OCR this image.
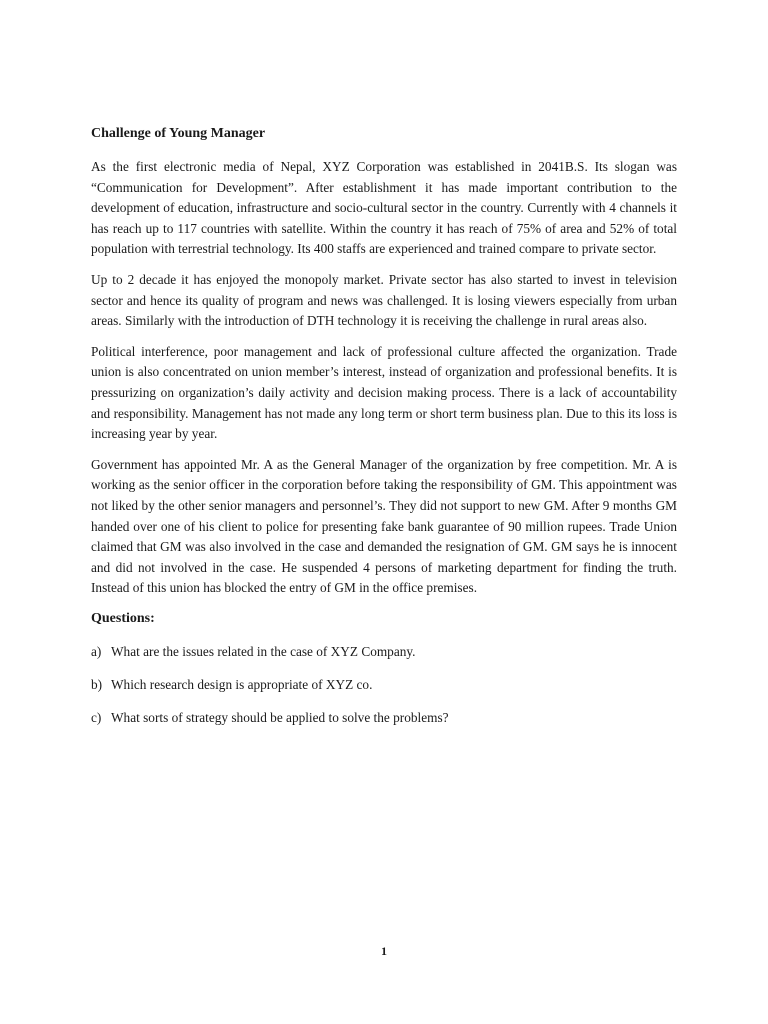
Challenge of Young Manager

As the first electronic media of Nepal, XYZ Corporation was established in 2041B.S. Its slogan was “Communication for Development”. After establishment it has made important contribution to the development of education, infrastructure and socio-cultural sector in the country. Currently with 4 channels it has reach up to 117 countries with satellite. Within the country it has reach of 75% of area and 52% of total population with terrestrial technology. Its 400 staffs are experienced and trained compare to private sector.

Up to 2 decade it has enjoyed the monopoly market. Private sector has also started to invest in television sector and hence its quality of program and news was challenged. It is losing viewers especially from urban areas. Similarly with the introduction of DTH technology it is receiving the challenge in rural areas also.

Political interference, poor management and lack of professional culture affected the organization. Trade union is also concentrated on union member’s interest, instead of organization and professional benefits. It is pressurizing on organization’s daily activity and decision making process. There is a lack of accountability and responsibility. Management has not made any long term or short term business plan. Due to this its loss is increasing year by year.

Government has appointed Mr. A as the General Manager of the organization by free competition. Mr. A is working as the senior officer in the corporation before taking the responsibility of GM. This appointment was not liked by the other senior managers and personnel’s. They did not support to new GM. After 9 months GM handed over one of his client to police for presenting fake bank guarantee of 90 million rupees. Trade Union claimed that GM was also involved in the case and demanded the resignation of GM. GM says he is innocent and did not involved in the case. He suspended 4 persons of marketing department for finding the truth. Instead of this union has blocked the entry of GM in the office premises.

Questions:
a) What are the issues related in the case of XYZ Company.
b) Which research design is appropriate of XYZ co.
c) What sorts of strategy should be applied to solve the problems?
1
